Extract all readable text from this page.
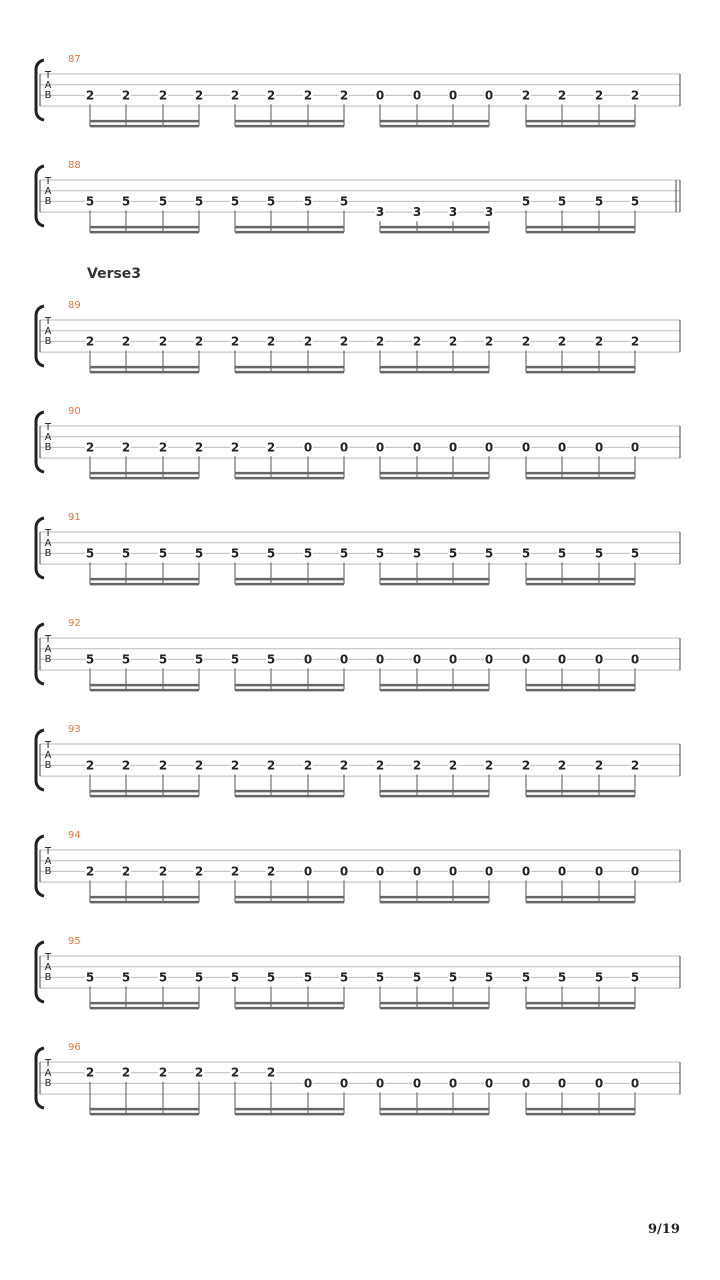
Verse3
9/19
T
A
B
87
2 2 2 2 2 2 2 2 0 0 0 0 2 2 2 2
T
A
B
88
5 5 5 5 5 5 5 5
3 3 3 3
5 5 5 5
T
A
B
89
2 2 2 2 2 2 2 2 2 2 2 2 2 2 2 2
T
A
B
90
2 2 2 2 2 2 0 0 0 0 0 0 0 0 0 0
T
A
B
91
5 5 5 5 5 5 5 5 5 5 5 5 5 5 5 5
T
A
B
92
5 5 5 5 5 5 0 0 0 0 0 0 0 0 0 0
T
A
B
93
2 2 2 2 2 2 2 2 2 2 2 2 2 2 2 2
T
A
B
94
2 2 2 2 2 2 0 0 0 0 0 0 0 0 0 0
T
A
B
95
5 5 5 5 5 5 5 5 5 5 5 5 5 5 5 5
T
A
B
96
2 2 2 2 2 2
0 0 0 0 0 0 0 0 0 0
